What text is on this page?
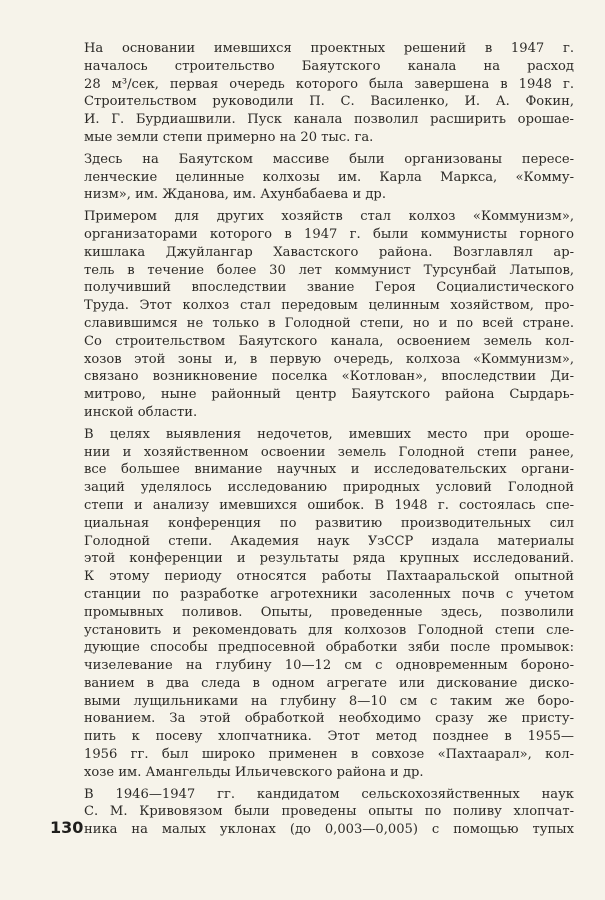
На основании имевшихся проектных решений в 1947 г.
началось строительство Баяутского канала на расход
28 м³/сек, первая очередь которого была завершена в 1948 г.
Строительством руководили П. С. Василенко, И. А. Фокин,
И. Г. Бурдиашвили. Пуск канала позволил расширить орошае-
мые земли степи примерно на 20 тыс. га.

Здесь на Баяутском массиве были организованы пересе-
ленческие целинные колхозы им. Карла Маркса, «Комму-
низм», им. Жданова, им. Ахунбабаева и др.

Примером для других хозяйств стал колхоз «Коммунизм»,
организаторами которого в 1947 г. были коммунисты горного
кишлака Джуйлангар Хавастского района. Возглавлял ар-
тель в течение более 30 лет коммунист Турсунбай Латыпов,
получивший впоследствии звание Героя Социалистического
Труда. Этот колхоз стал передовым целинным хозяйством, про-
славившимся не только в Голодной степи, но и по всей стране.
Со строительством Баяутского канала, освоением земель кол-
хозов этой зоны и, в первую очередь, колхоза «Коммунизм»,
связано возникновение поселка «Котлован», впоследствии Ди-
митрово, ныне районный центр Баяутского района Сырдарь-
инской области.

В целях выявления недочетов, имевших место при ороше-
нии и хозяйственном освоении земель Голодной степи ранее,
все большее внимание научных и исследовательских органи-
заций уделялось исследованию природных условий Голодной
степи и анализу имевшихся ошибок. В 1948 г. состоялась спе-
циальная конференция по развитию производительных сил
Голодной степи. Академия наук УзССР издала материалы
этой конференции и результаты ряда крупных исследований.
К этому периоду относятся работы Пахтааральской опытной
станции по разработке агротехники засоленных почв с учетом
промывных поливов. Опыты, проведенные здесь, позволили
установить и рекомендовать для колхозов Голодной степи сле-
дующие способы предпосевной обработки зяби после промывок:
чизелевание на глубину 10—12 см с одновременным бороно-
ванием в два следа в одном агрегате или дискование диско-
выми лущильниками на глубину 8—10 см с таким же боро-
нованием. За этой обработкой необходимо сразу же присту-
пить к посеву хлопчатника. Этот метод позднее в 1955—
1956 гг. был широко применен в совхозе «Пахтаарал», кол-
хозе им. Амангельды Ильичевского района и др.

В 1946—1947 гг. кандидатом сельскохозяйственных наук
С. М. Кривовязом были проведены опыты по поливу хлопчат-
ника на малых уклонах (до 0,003—0,005) с помощью тупых

130
